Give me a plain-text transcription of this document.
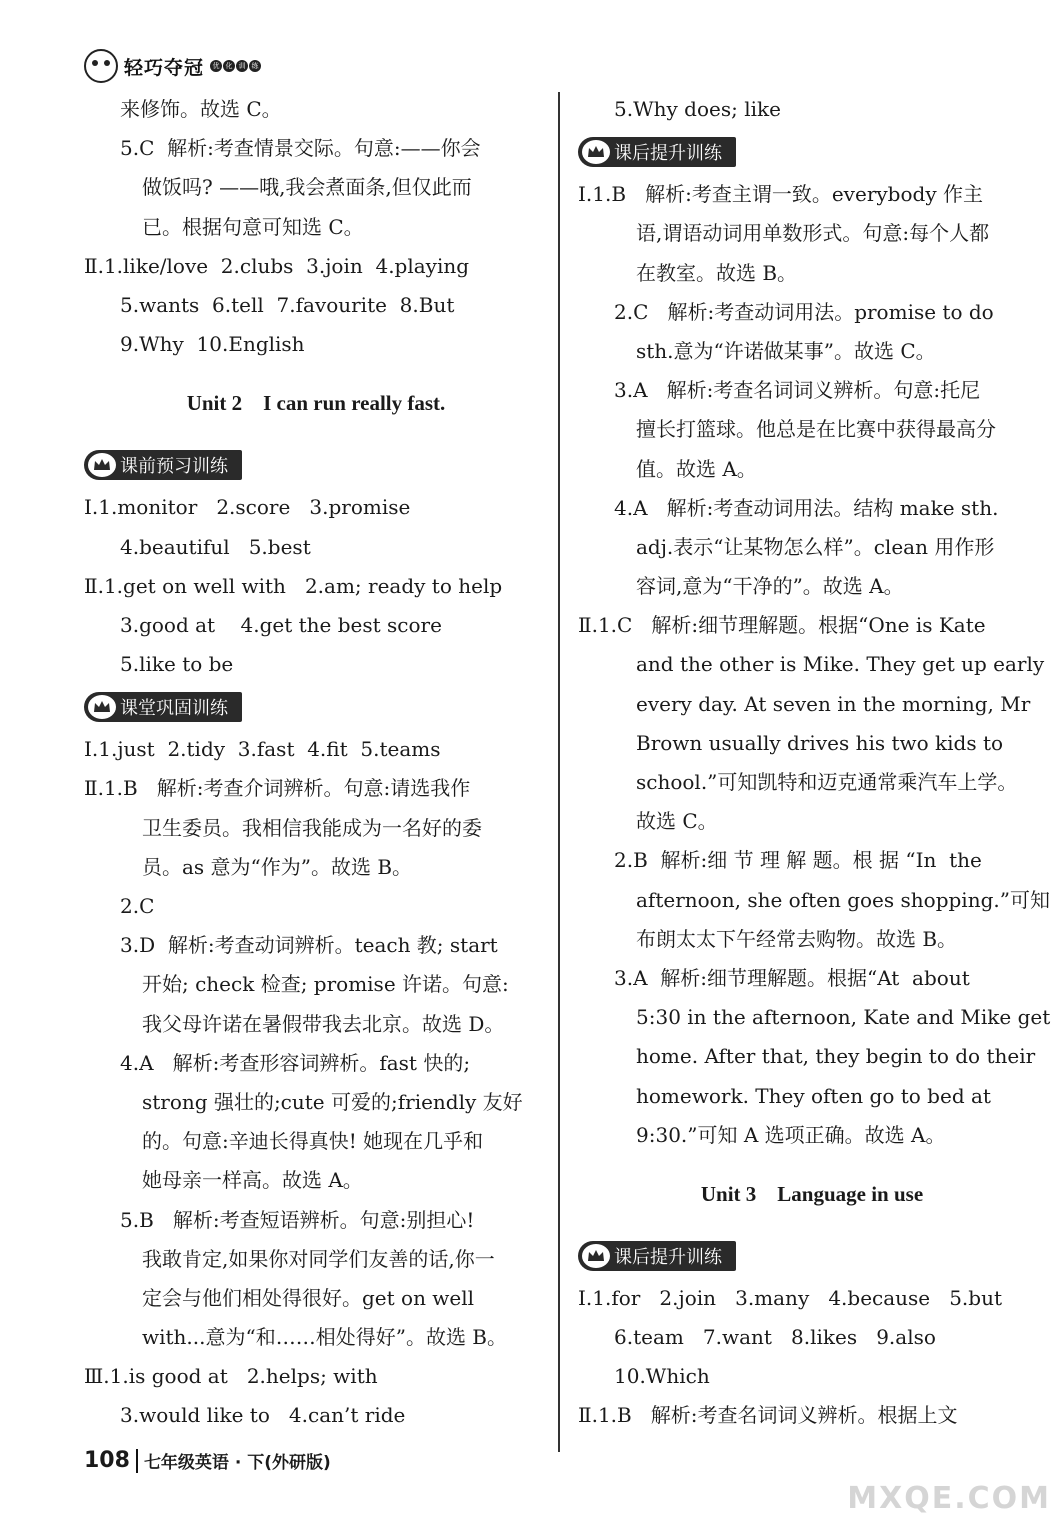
轻巧夺冠	优 化 训 练
来修饰。故选 C。
5.C  解析:考查情景交际。句意:——你会
做饭吗? ——哦,我会煮面条,但仅此而
已。根据句意可知选 C。
Ⅱ.1.like/love  2.clubs  3.join  4.playing
5.wants  6.tell  7.favourite  8.But
9.Why  10.English
Unit 2    I can run really fast.
课前预习训练
Ⅰ.1.monitor   2.score   3.promise
4.beautiful   5.best
Ⅱ.1.get on well with   2.am; ready to help
3.good at    4.get the best score
5.like to be
课堂巩固训练
Ⅰ.1.just  2.tidy  3.fast  4.fit  5.teams
Ⅱ.1.B   解析:考查介词辨析。句意:请选我作
卫生委员。我相信我能成为一名好的委
员。as 意为“作为”。故选 B。
2.C
3.D  解析:考查动词辨析。teach 教; start
开始; check 检查; promise 许诺。句意:
我父母许诺在暑假带我去北京。故选 D。
4.A   解析:考查形容词辨析。fast 快的;
strong 强壮的;cute 可爱的;friendly 友好
的。句意:辛迪长得真快! 她现在几乎和
她母亲一样高。故选 A。
5.B   解析:考查短语辨析。句意:别担心!
我敢肯定,如果你对同学们友善的话,你一
定会与他们相处得很好。get on well
with...意为“和……相处得好”。故选 B。
Ⅲ.1.is good at   2.helps; with
3.would like to   4.can’t ride
5.Why does; like
课后提升训练
Ⅰ.1.B   解析:考查主谓一致。everybody 作主
语,谓语动词用单数形式。句意:每个人都
在教室。故选 B。
2.C   解析:考查动词用法。promise to do
sth.意为“许诺做某事”。故选 C。
3.A   解析:考查名词词义辨析。句意:托尼
擅长打篮球。他总是在比赛中获得最高分
值。故选 A。
4.A   解析:考查动词用法。结构 make sth.
adj.表示“让某物怎么样”。clean 用作形
容词,意为“干净的”。故选 A。
Ⅱ.1.C   解析:细节理解题。根据“One is Kate
and the other is Mike. They get up early
every day. At seven in the morning, Mr
Brown usually drives his two kids to
school.”可知凯特和迈克通常乘汽车上学。
故选 C。
2.B  解析:细 节 理 解 题。根 据 “In  the
afternoon, she often goes shopping.”可知
布朗太太下午经常去购物。故选 B。
3.A  解析:细节理解题。根据“At  about
5:30 in the afternoon, Kate and Mike get
home. After that, they begin to do their
homework. They often go to bed at
9:30.”可知 A 选项正确。故选 A。
Unit 3    Language in use
课后提升训练
Ⅰ.1.for   2.join   3.many   4.because   5.but
6.team   7.want   8.likes   9.also
10.Which
Ⅱ.1.B   解析:考查名词词义辨析。根据上文
108 七年级英语 · 下(外研版)
MXQE.COM
